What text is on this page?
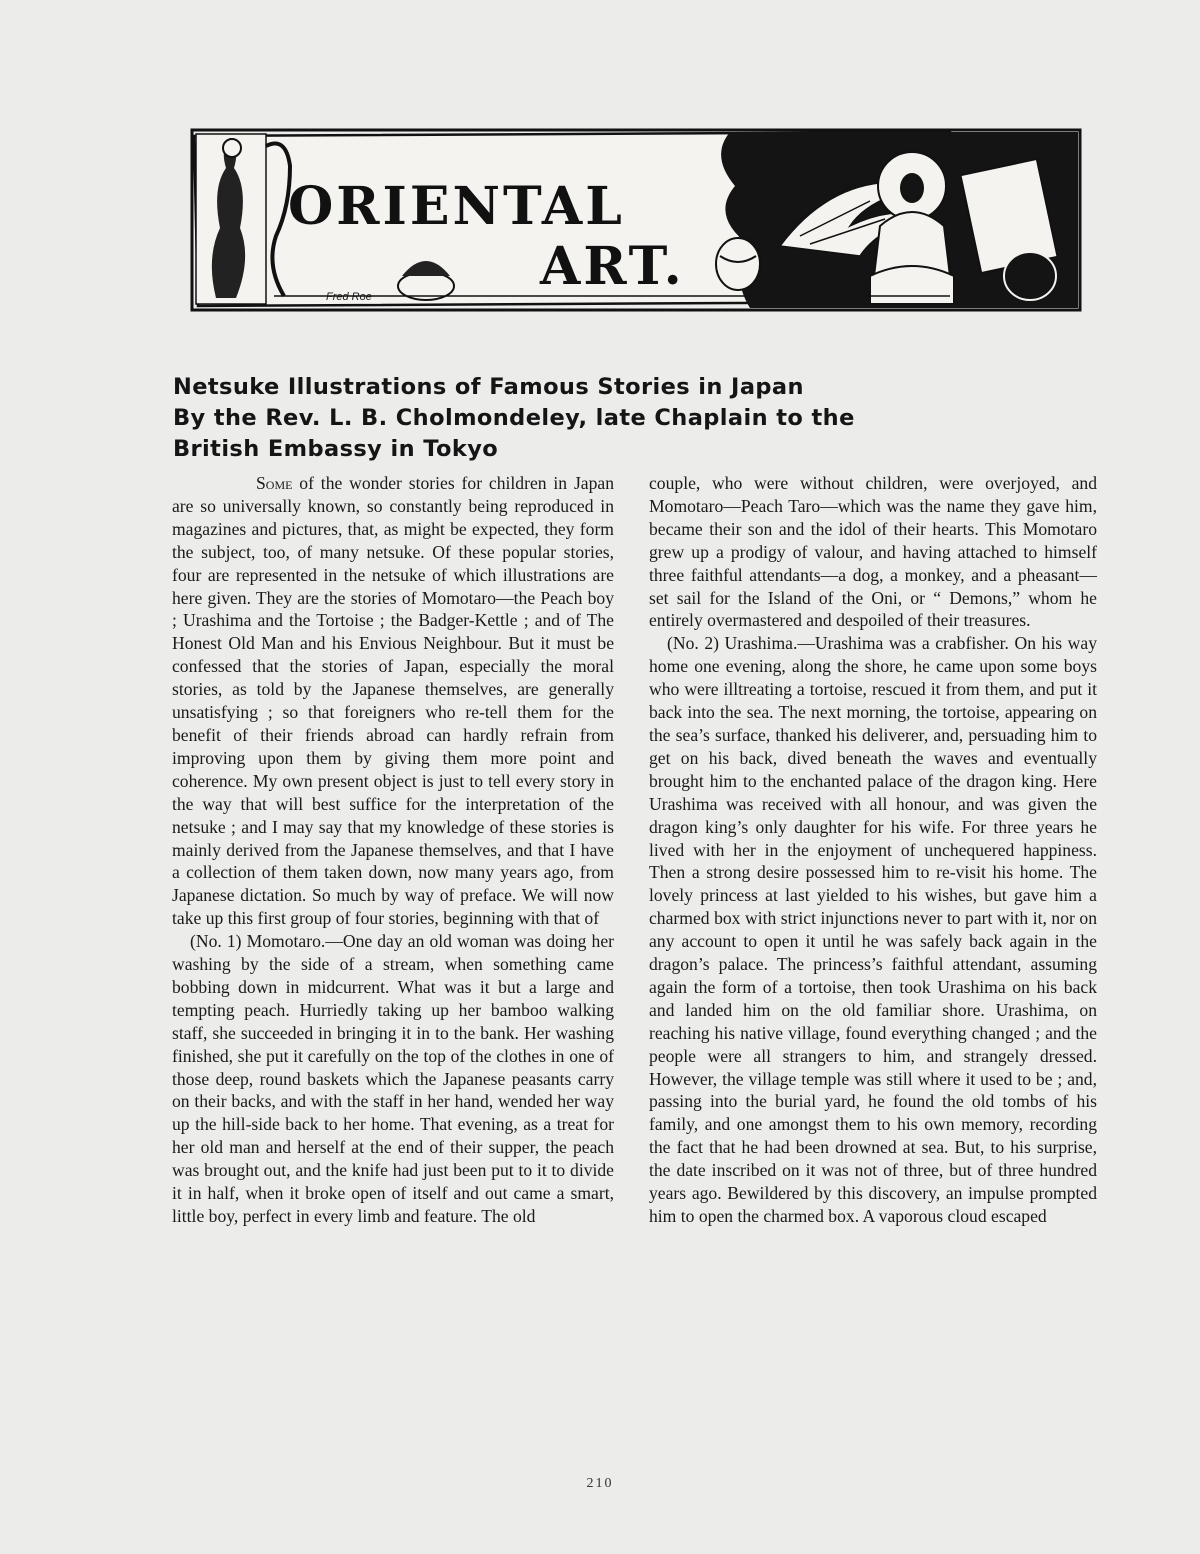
ORIENTAL
ART.
Fred Roe
Netsuke Illustrations of Famous Stories in Japan
By the Rev. L. B. Cholmondeley, late Chaplain to the
British Embassy in Tokyo

Some of the wonder stories for children in Japan are so universally known, so constantly being reproduced in magazines and pictures, that, as might be expected, they form the subject, too, of many netsuke. Of these popular stories, four are represented in the netsuke of which illustrations are here given. They are the stories of Momotaro—the Peach boy ; Urashima and the Tortoise ; the Badger-Kettle ; and of The Honest Old Man and his Envious Neighbour. But it must be confessed that the stories of Japan, especially the moral stories, as told by the Japanese themselves, are generally unsatisfying ; so that foreigners who re-tell them for the benefit of their friends abroad can hardly refrain from improving upon them by giving them more point and coherence. My own present object is just to tell every story in the way that will best suffice for the interpretation of the netsuke ; and I may say that my knowledge of these stories is mainly derived from the Japanese themselves, and that I have a collection of them taken down, now many years ago, from Japanese dictation. So much by way of preface. We will now take up this first group of four stories, beginning with that of

(No. 1) Momotaro.—One day an old woman was doing her washing by the side of a stream, when something came bobbing down in midcurrent. What was it but a large and tempting peach. Hurriedly taking up her bamboo walking staff, she succeeded in bringing it in to the bank. Her washing finished, she put it carefully on the top of the clothes in one of those deep, round baskets which the Japanese peasants carry on their backs, and with the staff in her hand, wended her way up the hill-side back to her home. That evening, as a treat for her old man and herself at the end of their supper, the peach was brought out, and the knife had just been put to it to divide it in half, when it broke open of itself and out came a smart, little boy, perfect in every limb and feature. The old

couple, who were without children, were overjoyed, and Momotaro—Peach Taro—which was the name they gave him, became their son and the idol of their hearts. This Momotaro grew up a prodigy of valour, and having attached to himself three faithful attendants—a dog, a monkey, and a pheasant—set sail for the Island of the Oni, or “ Demons,” whom he entirely overmastered and despoiled of their treasures.

(No. 2) Urashima.—Urashima was a crabfisher. On his way home one evening, along the shore, he came upon some boys who were illtreating a tortoise, rescued it from them, and put it back into the sea. The next morning, the tortoise, appearing on the sea’s surface, thanked his deliverer, and, persuading him to get on his back, dived beneath the waves and eventually brought him to the enchanted palace of the dragon king. Here Urashima was received with all honour, and was given the dragon king’s only daughter for his wife. For three years he lived with her in the enjoyment of unchequered happiness. Then a strong desire possessed him to re-visit his home. The lovely princess at last yielded to his wishes, but gave him a charmed box with strict injunctions never to part with it, nor on any account to open it until he was safely back again in the dragon’s palace. The princess’s faithful attendant, assuming again the form of a tortoise, then took Urashima on his back and landed him on the old familiar shore. Urashima, on reaching his native village, found everything changed ; and the people were all strangers to him, and strangely dressed. However, the village temple was still where it used to be ; and, passing into the burial yard, he found the old tombs of his family, and one amongst them to his own memory, recording the fact that he had been drowned at sea. But, to his surprise, the date inscribed on it was not of three, but of three hundred years ago. Bewildered by this discovery, an impulse prompted him to open the charmed box. A vaporous cloud escaped

210
